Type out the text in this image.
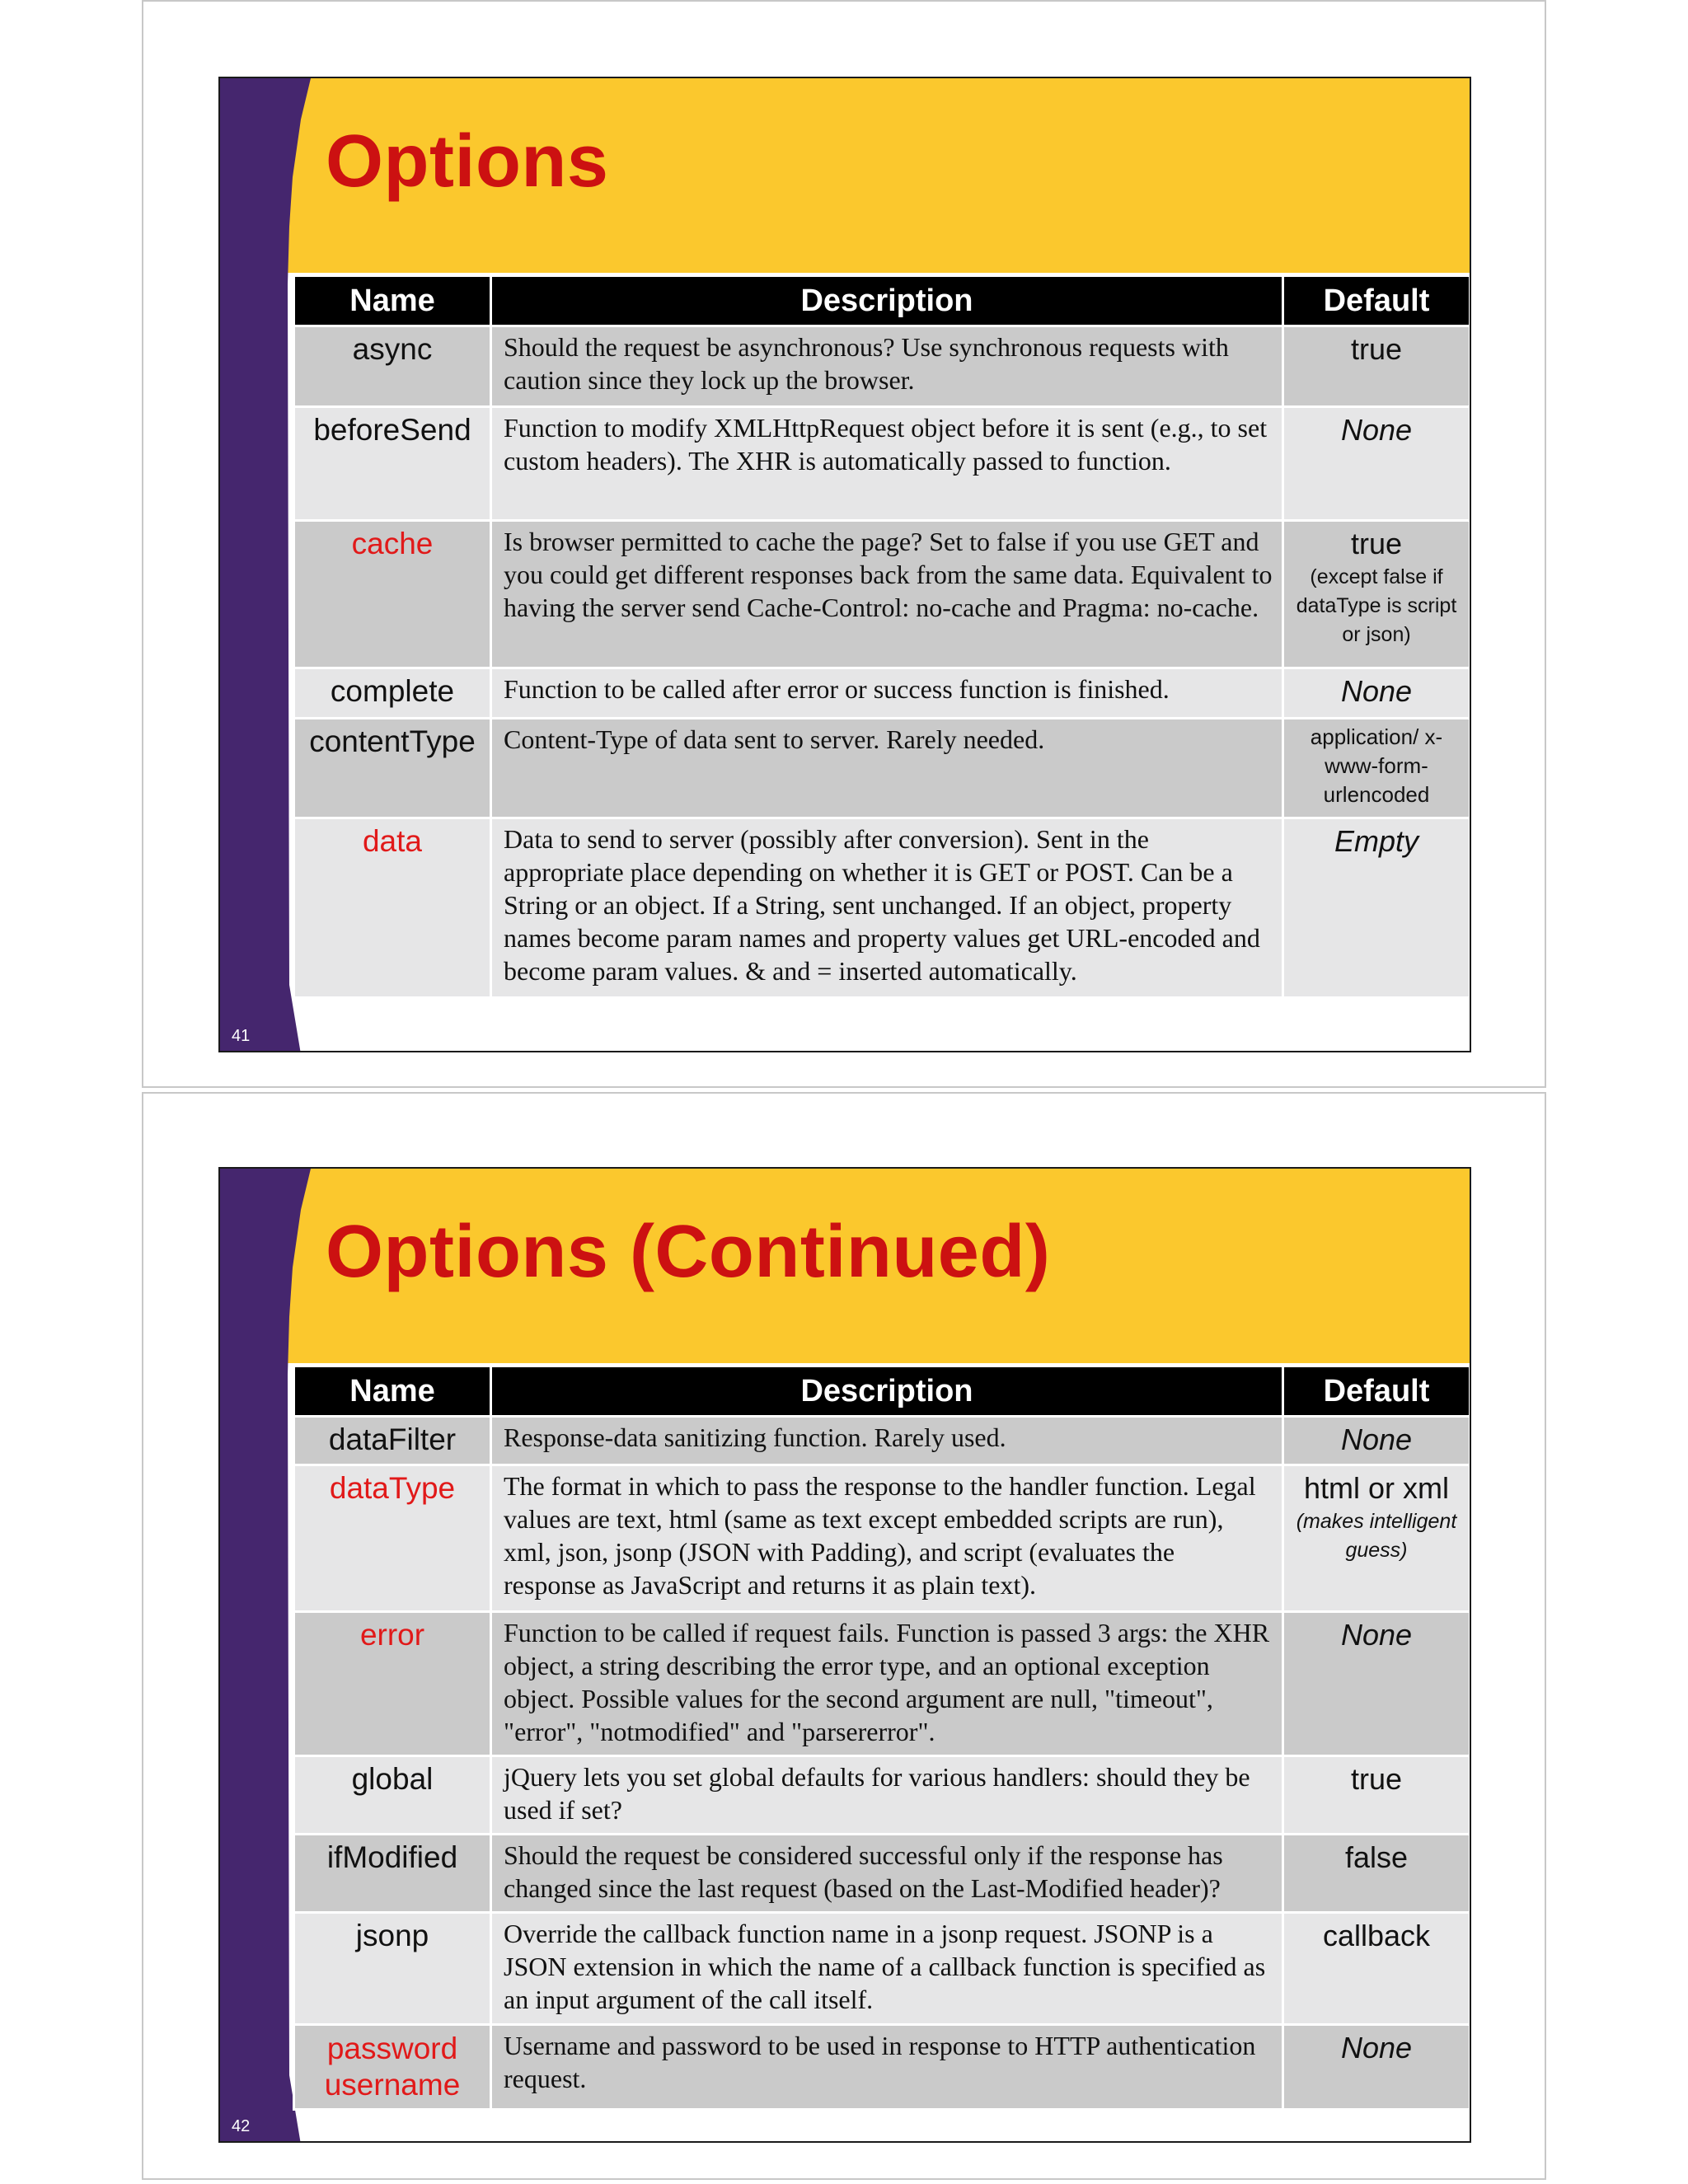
Options
41
Name	Description	Default
async	Should the request be asynchronous? Use synchronous requests with caution since they lock up the browser.	true

beforeSend	Function to modify XMLHttpRequest object before it is sent (e.g., to set custom headers). The XHR is automatically passed to function.	None

cache	Is browser permitted to cache the page? Set to false if you use GET and you could get different responses back from the same data. Equivalent to having the server send Cache-Control: no-cache and Pragma: no-cache.	true
(except false if dataType is script or json)

complete	Function to be called after error or success function is finished.	None

contentType	Content-Type of data sent to server. Rarely needed.	application/ x-www-form-urlencoded

data	Data to send to server (possibly after conversion). Sent in the appropriate place depending on whether it is GET or POST. Can be a String or an object. If a String, sent unchanged. If an object, property names become param names and property values get URL-encoded and become param values. & and = inserted automatically.	Empty
Options (Continued)
42
Name	Description	Default
dataFilter	Response-data sanitizing function. Rarely used.	None

dataType	The format in which to pass the response to the handler function. Legal values are text, html (same as text except embedded scripts are run), xml, json, jsonp (JSON with Padding), and script (evaluates the response as JavaScript and returns it as plain text).	html or xml
(makes intelligent guess)

error	Function to be called if request fails. Function is passed 3 args: the XHR object, a string describing the error type, and an optional exception object. Possible values for the second argument are null, "timeout", "error", "notmodified" and "parsererror".	None

global	jQuery lets you set global defaults for various handlers: should they be used if set?	true

ifModified	Should the request be considered successful only if the response has changed since the last request (based on the Last-Modified header)?	false

jsonp	Override the callback function name in a jsonp request. JSONP is a JSON extension in which the name of a callback function is specified as an input argument of the call itself.	callback

password username	Username and password to be used in response to HTTP authentication request.	None
